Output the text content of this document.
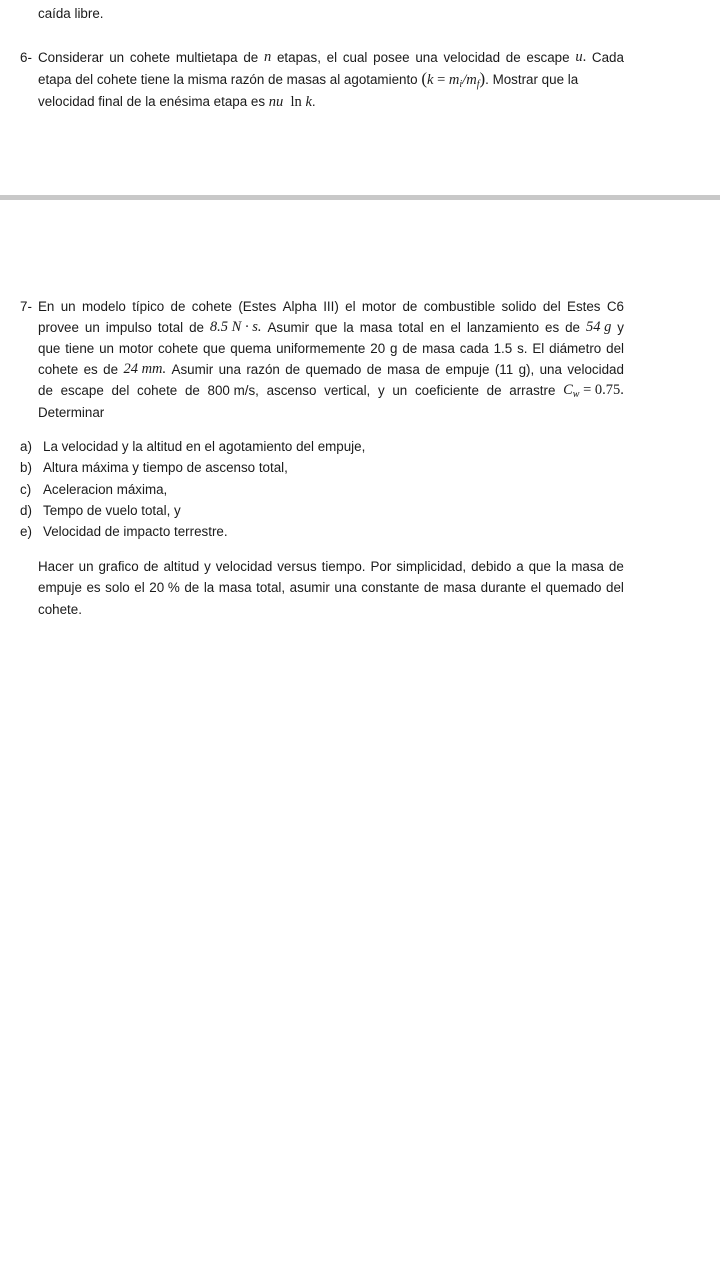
caída libre.
6- Considerar un cohete multietapa de n etapas, el cual posee una velocidad de escape u. Cada
etapa del cohete tiene la misma razón de masas al agotamiento $(k = m_i/m_f)$. Mostrar que la
velocidad final de la enésima etapa es nu  ln k.
7- En un modelo típico de cohete (Estes Alpha III) el motor de combustible solido del Estes C6
provee un impulso total de 8.5 N · s. Asumir que la masa total en el lanzamiento es de 54 g y
que tiene un motor cohete que quema uniformemente 20 g de masa cada 1.5 s. El diámetro del
cohete es de 24 mm. Asumir una razón de quemado de masa de empuje (11 g), una velocidad
de escape del cohete de 800 m/s, ascenso vertical, y un coeficiente de arrastre $C_w = 0.75$.
Determinar
a) La velocidad y la altitud en el agotamiento del empuje,
b) Altura máxima y tiempo de ascenso total,
c) Aceleracion máxima,
d) Tempo de vuelo total, y
e) Velocidad de impacto terrestre.
Hacer un grafico de altitud y velocidad versus tiempo. Por simplicidad, debido a que la masa de
empuje es solo el 20 % de la masa total, asumir una constante de masa durante el quemado del
cohete.
